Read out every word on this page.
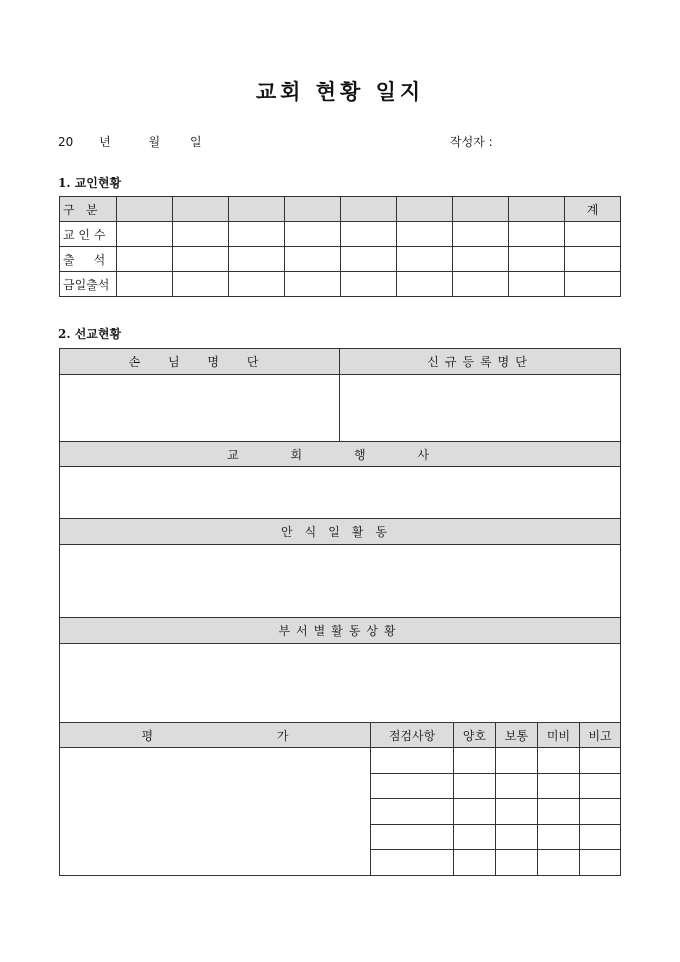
교회 현황 일지
20 년	월 일	작성자 :
1. 교인현황
구   분									계
교 인 수									
출     석									
금일출석									
2. 선교현황
손 님 명 단	신규등록명단					

교 회 행 사						

안식일활동						

부서별활동상황						

평 가		점검사항	양호	보통	미비	비고
